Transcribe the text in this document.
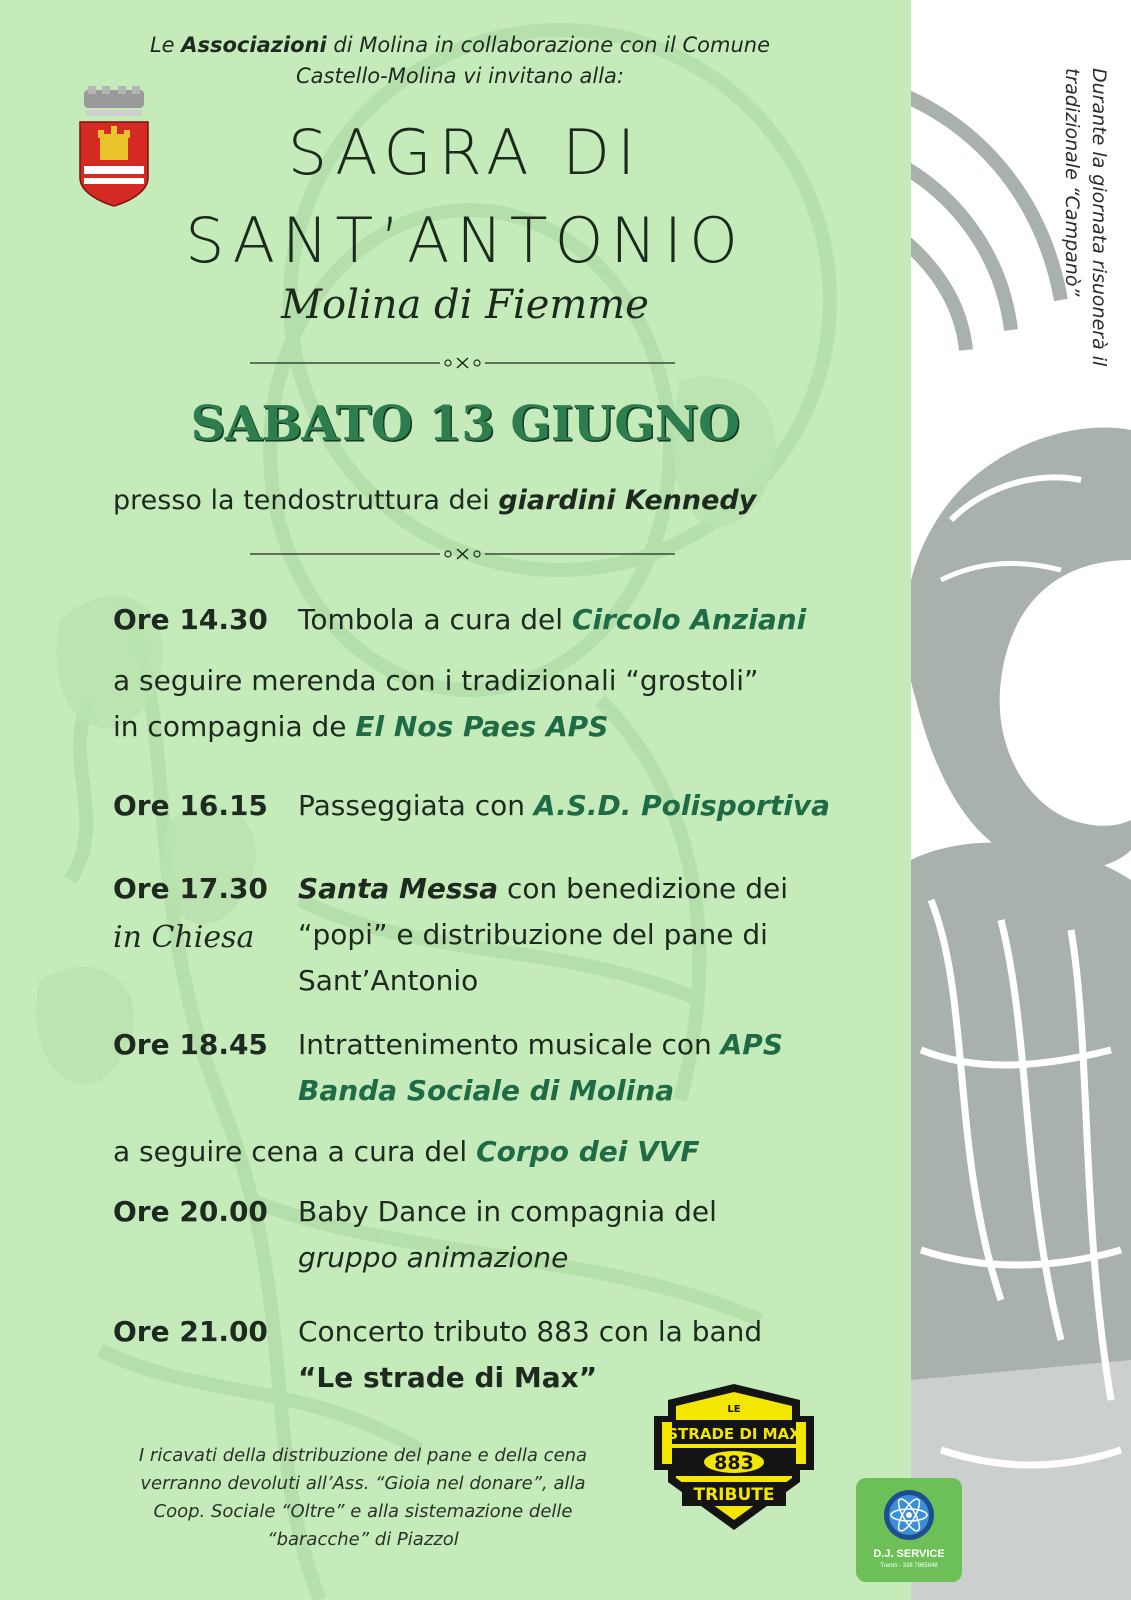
Le Associazioni di Molina in collaborazione con il Comune
Castello-Molina vi invitano alla:
SAGRA DI
SANT’ANTONIO
Molina di Fiemme
SABATO 13 GIUGNO
presso la tendostruttura dei giardini Kennedy
Ore 14.30 Tombola a cura del Circolo Anziani
a seguire merenda con i tradizionali “grostoli”
in compagnia de El Nos Paes APS
Ore 16.15 Passeggiata con A.S.D. Polisportiva
Ore 17.30
in Chiesa
Santa Messa con benedizione dei
“popi” e distribuzione del pane di
Sant’Antonio
Ore 18.45 Intrattenimento musicale con APS
Banda Sociale di Molina
a seguire cena a cura del Corpo dei VVF
Ore 20.00 Baby Dance in compagnia del
gruppo animazione
Ore 21.00 Concerto tributo 883 con la band
“Le strade di Max”
I ricavati della distribuzione del pane e della cena
verranno devoluti all’Ass. “Gioia nel donare”, alla
Coop. Sociale “Oltre” e alla sistemazione delle
“baracche” di Piazzol
LE
STRADE DI MAX
883
TRIBUTE
Durante la giornata risuonerà il
tradizionale “Campanò”
D.J. SERVICE
Trento - 338 7865848
